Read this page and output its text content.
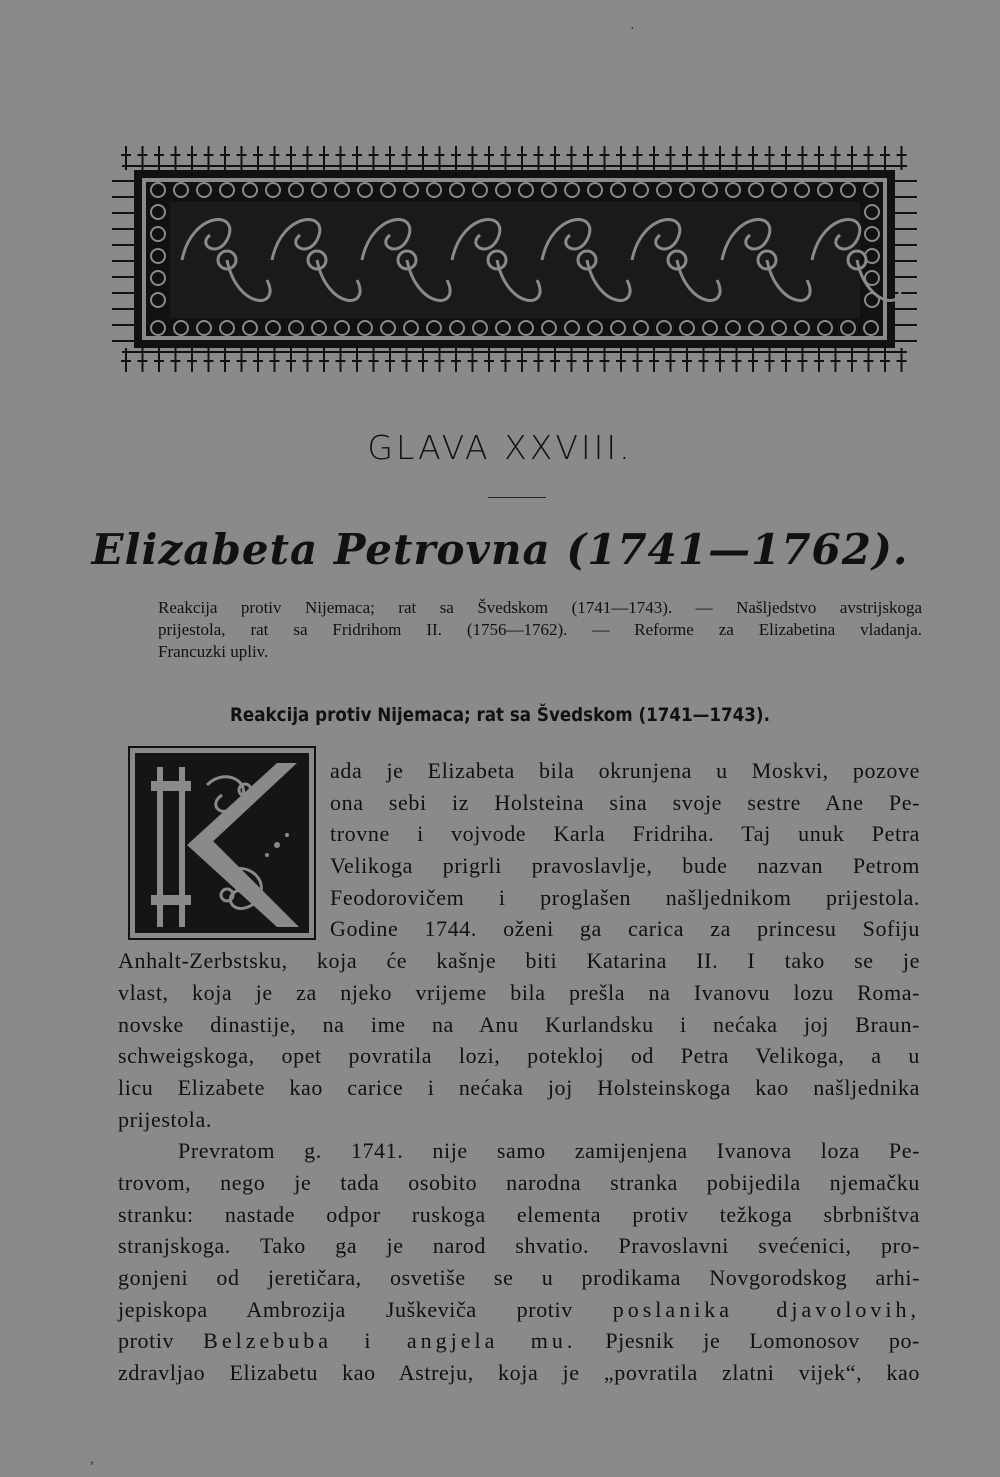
GLAVA XXVIII.
Elizabeta Petrovna (1741—1762).
Reakcija protiv Nijemaca; rat sa Švedskom (1741—1743). — Našljedstvo avstrijskoga
prijestola, rat sa Fridrihom II. (1756—1762). — Reforme za Elizabetina vladanja.
Francuzki upliv.
Reakcija protiv Nijemaca; rat sa Švedskom (1741—1743).
ada je Elizabeta bila okrunjena u Moskvi, pozove
ona sebi iz Holsteina sina svoje sestre Ane Pe-
trovne i vojvode Karla Fridriha. Taj unuk Petra
Velikoga prigrli pravoslavlje, bude nazvan Petrom
Feodorovičem i proglašen našljednikom prijestola.
Godine 1744. oženi ga carica za princesu Sofiju
Anhalt-Zerbstsku, koja će kašnje biti Katarina II. I tako se je
vlast, koja je za njeko vrijeme bila prešla na Ivanovu lozu Roma-
novske dinastije, na ime na Anu Kurlandsku i nećaka joj Braun-
schweigskoga, opet povratila lozi, potekloj od Petra Velikoga, a u
licu Elizabete kao carice i nećaka joj Holsteinskoga kao našljednika
prijestola.
Prevratom g. 1741. nije samo zamijenjena Ivanova loza Pe-
trovom, nego je tada osobito narodna stranka pobijedila njemačku
stranku: nastade odpor ruskoga elementa protiv težkoga sbrbništva
stranjskoga. Tako ga je narod shvatio. Pravoslavni svećenici, pro-
gonjeni od jeretičara, osvetiše se u prodikama Novgorodskog arhi-
jepiskopa Ambrozija Juškeviča protiv poslanika djavolovih,
protiv Belzebuba i angjela mu. Pjesnik je Lomonosov po-
zdravljao Elizabetu kao Astreju, koja je „povratila zlatni vijek“, kao
·
,
